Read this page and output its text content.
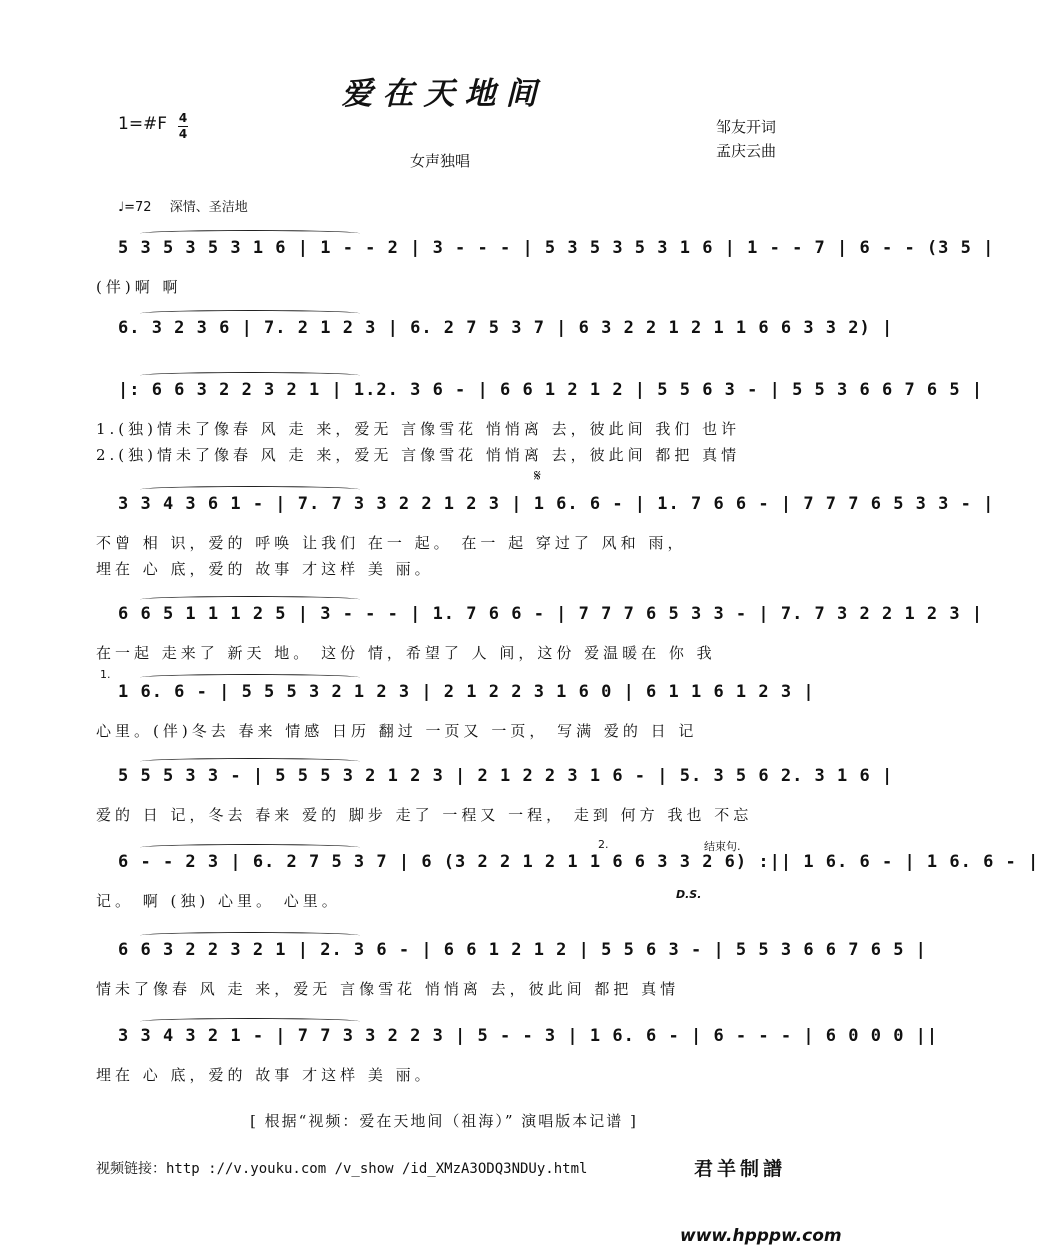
爱在天地间
1=#F 4
4	邹友开词
孟庆云曲
女声独唱
♩=72 深情、圣洁地
5 3 5 3 5 3 1 6 | 1 - - 2 | 3 - - - | 5 3 5 3 5 3 1 6 | 1 - - 7 | 6 - - (3 5 |
(伴)啊 啊
6. 3 2 3 6 | 7. 2 1 2 3 | 6. 2 7 5 3 7 | 6 3 2 2 1 2 1 1 6 6 3 3 2) |
|: 6 6 3 2 2 3 2 1 | 1.2. 3 6 - | 6 6 1 2 1 2 | 5 5 6 3 - | 5 5 3 6 6 7 6 5 |
1.(独)情未了像春 风 走 来，爱无 言像雪花 悄悄离 去，彼此间 我们 也许
2.(独)情未了像春 风 走 来，爱无 言像雪花 悄悄离 去，彼此间 都把 真情
3 3 4 3 6 1 - | 7. 7 3 3 2 2 1 2 3 | 1 6. 6 - | 1. 7 6 6 - | 7 7 7 6 5 3 3 - |
不曾 相 识，爱的 呼唤 让我们 在一 起。 在一 起 穿过了 风和 雨，
埋在 心 底，爱的 故事 才这样 美 丽。
6 6 5 1 1 1 2 5 | 3 - - - | 1. 7 6 6 - | 7 7 7 6 5 3 3 - | 7. 7 3 2 2 1 2 3 |
在一起 走来了 新天 地。 这份 情，希望了 人 间，这份 爱温暖在 你 我
1 6. 6 - | 5 5 5 3 2 1 2 3 | 2 1 2 2 3 1 6 0 | 6 1 1 6 1 2 3 |
心里。(伴)冬去 春来 情感 日历 翻过 一页又 一页， 写满 爱的 日 记
5 5 5 3 3 - | 5 5 5 3 2 1 2 3 | 2 1 2 2 3 1 6 - | 5. 3 5 6 2. 3 1 6 |
爱的 日 记，冬去 春来 爱的 脚步 走了 一程又 一程， 走到 何方 我也 不忘
6 - - 2 3 | 6. 2 7 5 3 7 | 6 (3 2 2 1 2 1 1 6 6 3 3 2 6) :|| 1 6. 6 - | 1 6. 6 - |
记。 啊 (独) 心里。 心里。
6 6 3 2 2 3 2 1 | 2. 3 6 - | 6 6 1 2 1 2 | 5 5 6 3 - | 5 5 3 6 6 7 6 5 |
情未了像春 风 走 来，爱无 言像雪花 悄悄离 去，彼此间 都把 真情
3 3 4 3 2 1 - | 7 7 3 3 2 2 3 | 5 - - 3 | 1 6. 6 - | 6 - - - | 6 0 0 0 ||
埋在 心 底，爱的 故事 才这样 美 丽。
1.
2.	结束句.
D.S.
𝄋
[ 根据“视频：爱在天地间（祖海）” 演唱版本记谱 ]
视频链接：http ://v.youku.com /v_show /id_XMzA3ODQ3NDUy.html	君羊制譜
www.hpppw.com
